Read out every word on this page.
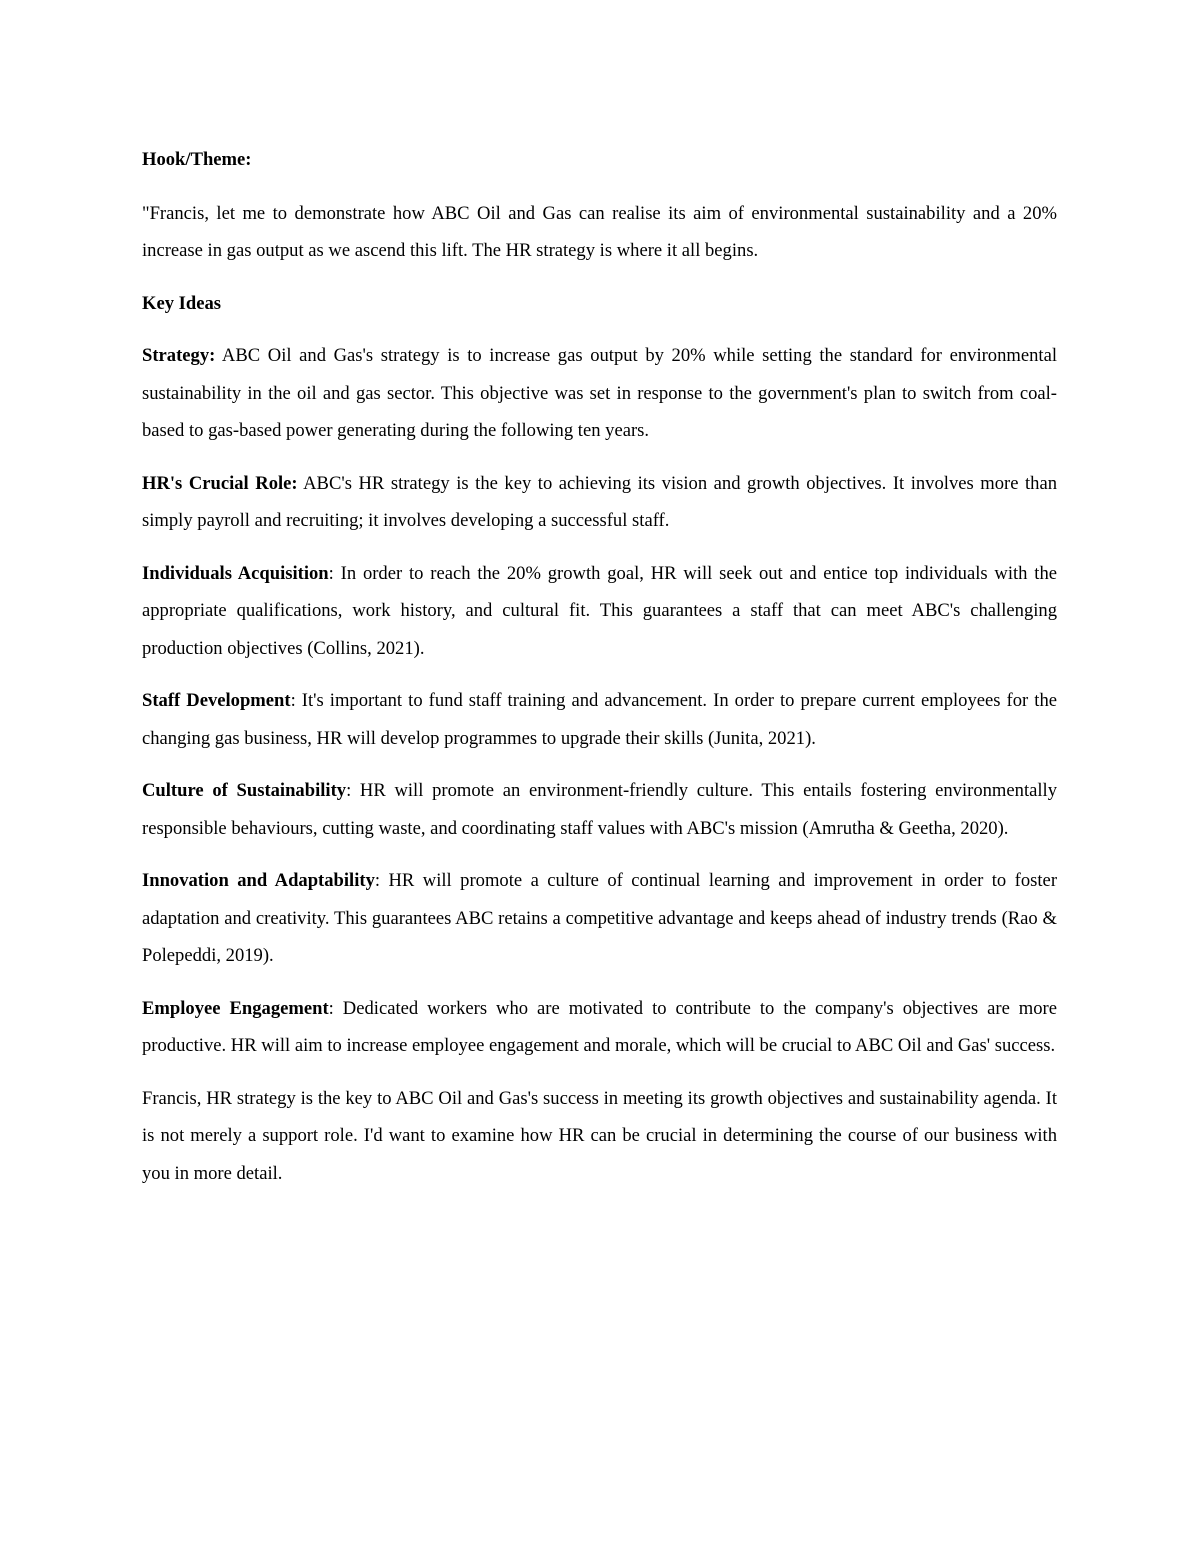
Hook/Theme:

"Francis, let me to demonstrate how ABC Oil and Gas can realise its aim of environmental sustainability and a 20% increase in gas output as we ascend this lift. The HR strategy is where it all begins.

Key Ideas

Strategy: ABC Oil and Gas's strategy is to increase gas output by 20% while setting the standard for environmental sustainability in the oil and gas sector. This objective was set in response to the government's plan to switch from coal-based to gas-based power generating during the following ten years.

HR's Crucial Role: ABC's HR strategy is the key to achieving its vision and growth objectives. It involves more than simply payroll and recruiting; it involves developing a successful staff.

Individuals Acquisition: In order to reach the 20% growth goal, HR will seek out and entice top individuals with the appropriate qualifications, work history, and cultural fit. This guarantees a staff that can meet ABC's challenging production objectives (Collins, 2021).

Staff Development: It's important to fund staff training and advancement. In order to prepare current employees for the changing gas business, HR will develop programmes to upgrade their skills (Junita, 2021).

Culture of Sustainability: HR will promote an environment-friendly culture. This entails fostering environmentally responsible behaviours, cutting waste, and coordinating staff values with ABC's mission (Amrutha & Geetha, 2020).

Innovation and Adaptability: HR will promote a culture of continual learning and improvement in order to foster adaptation and creativity. This guarantees ABC retains a competitive advantage and keeps ahead of industry trends (Rao & Polepeddi, 2019).

Employee Engagement: Dedicated workers who are motivated to contribute to the company's objectives are more productive. HR will aim to increase employee engagement and morale, which will be crucial to ABC Oil and Gas' success.

Francis, HR strategy is the key to ABC Oil and Gas's success in meeting its growth objectives and sustainability agenda. It is not merely a support role. I'd want to examine how HR can be crucial in determining the course of our business with you in more detail.
